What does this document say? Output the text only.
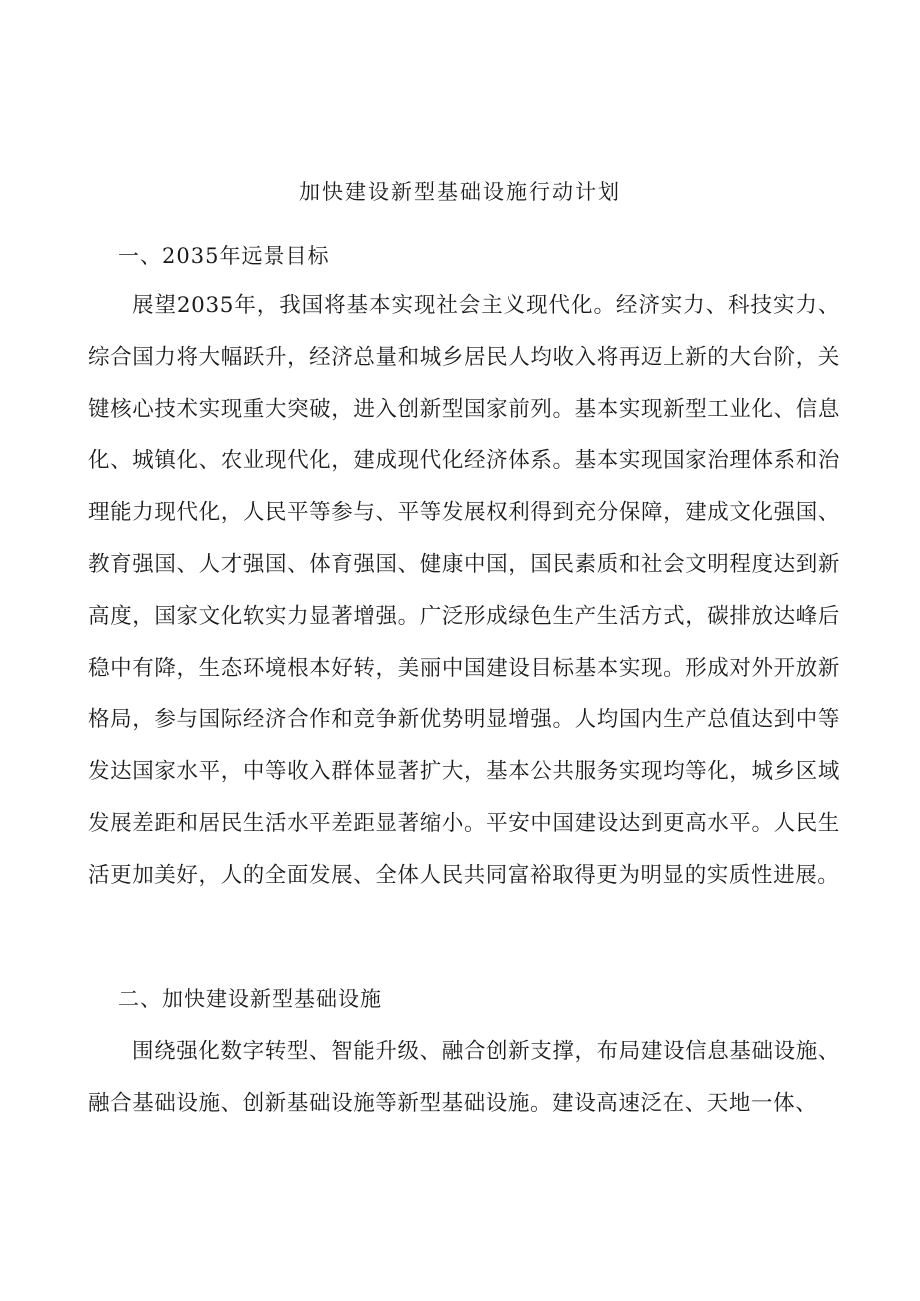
加快建设新型基础设施行动计划
一、2035年远景目标

展望2035年，我国将基本实现社会主义现代化。经济实力、科技实力、综合国力将大幅跃升，经济总量和城乡居民人均收入将再迈上新的大台阶，关键核心技术实现重大突破，进入创新型国家前列。基本实现新型工业化、信息化、城镇化、农业现代化，建成现代化经济体系。基本实现国家治理体系和治理能力现代化，人民平等参与、平等发展权利得到充分保障，建成文化强国、教育强国、人才强国、体育强国、健康中国，国民素质和社会文明程度达到新高度，国家文化软实力显著增强。广泛形成绿色生产生活方式，碳排放达峰后稳中有降，生态环境根本好转，美丽中国建设目标基本实现。形成对外开放新格局，参与国际经济合作和竞争新优势明显增强。人均国内生产总值达到中等发达国家水平，中等收入群体显著扩大，基本公共服务实现均等化，城乡区域发展差距和居民生活水平差距显著缩小。平安中国建设达到更高水平。人民生活更加美好，人的全面发展、全体人民共同富裕取得更为明显的实质性进展。

二、加快建设新型基础设施

围绕强化数字转型、智能升级、融合创新支撑，布局建设信息基础设施、融合基础设施、创新基础设施等新型基础设施。建设高速泛在、天地一体、
